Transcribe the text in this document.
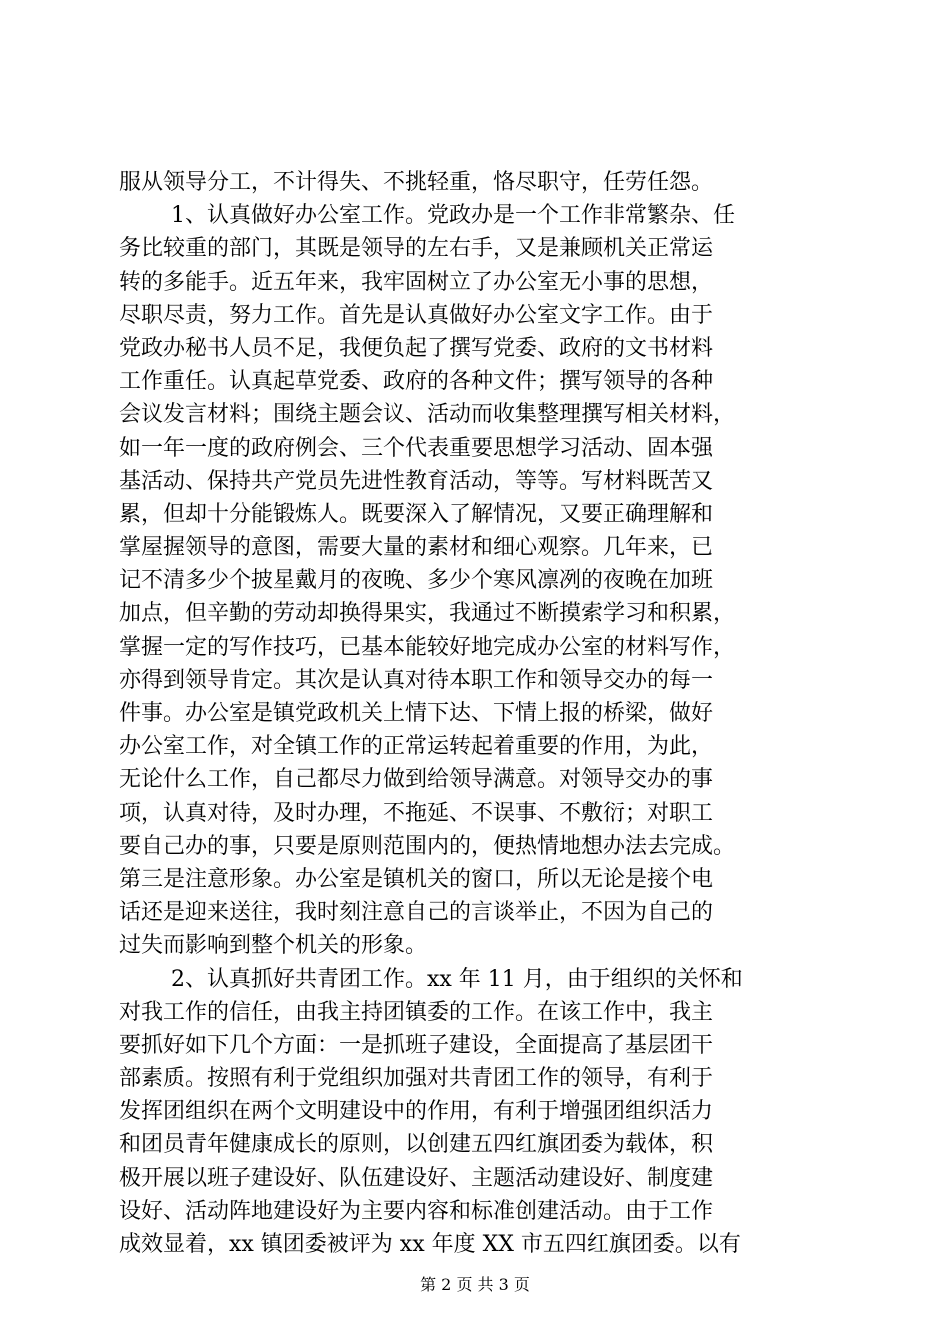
服从领导分工，不计得失、不挑轻重，恪尽职守，任劳任怨。
1、认真做好办公室工作。党政办是一个工作非常繁杂、任
务比较重的部门，其既是领导的左右手，又是兼顾机关正常运
转的多能手。近五年来，我牢固树立了办公室无小事的思想，
尽职尽责，努力工作。首先是认真做好办公室文字工作。由于
党政办秘书人员不足，我便负起了撰写党委、政府的文书材料
工作重任。认真起草党委、政府的各种文件；撰写领导的各种
会议发言材料；围绕主题会议、活动而收集整理撰写相关材料，
如一年一度的政府例会、三个代表重要思想学习活动、固本强
基活动、保持共产党员先进性教育活动，等等。写材料既苦又
累，但却十分能锻炼人。既要深入了解情况，又要正确理解和
掌屋握领导的意图，需要大量的素材和细心观察。几年来，已
记不清多少个披星戴月的夜晚、多少个寒风凛冽的夜晚在加班
加点，但辛勤的劳动却换得果实，我通过不断摸索学习和积累，
掌握一定的写作技巧，已基本能较好地完成办公室的材料写作，
亦得到领导肯定。其次是认真对待本职工作和领导交办的每一
件事。办公室是镇党政机关上情下达、下情上报的桥梁，做好
办公室工作，对全镇工作的正常运转起着重要的作用，为此，
无论什么工作，自己都尽力做到给领导满意。对领导交办的事
项，认真对待，及时办理，不拖延、不误事、不敷衍；对职工
要自己办的事，只要是原则范围内的，便热情地想办法去完成。
第三是注意形象。办公室是镇机关的窗口，所以无论是接个电
话还是迎来送往，我时刻注意自己的言谈举止，不因为自己的
过失而影响到整个机关的形象。
2、认真抓好共青团工作。xx 年 11 月，由于组织的关怀和
对我工作的信任，由我主持团镇委的工作。在该工作中，我主
要抓好如下几个方面：一是抓班子建设，全面提高了基层团干
部素质。按照有利于党组织加强对共青团工作的领导，有利于
发挥团组织在两个文明建设中的作用，有利于增强团组织活力
和团员青年健康成长的原则，以创建五四红旗团委为载体，积
极开展以班子建设好、队伍建设好、主题活动建设好、制度建
设好、活动阵地建设好为主要内容和标准创建活动。由于工作
成效显着，xx 镇团委被评为 xx 年度 XX 市五四红旗团委。以有
第 2 页 共 3 页
